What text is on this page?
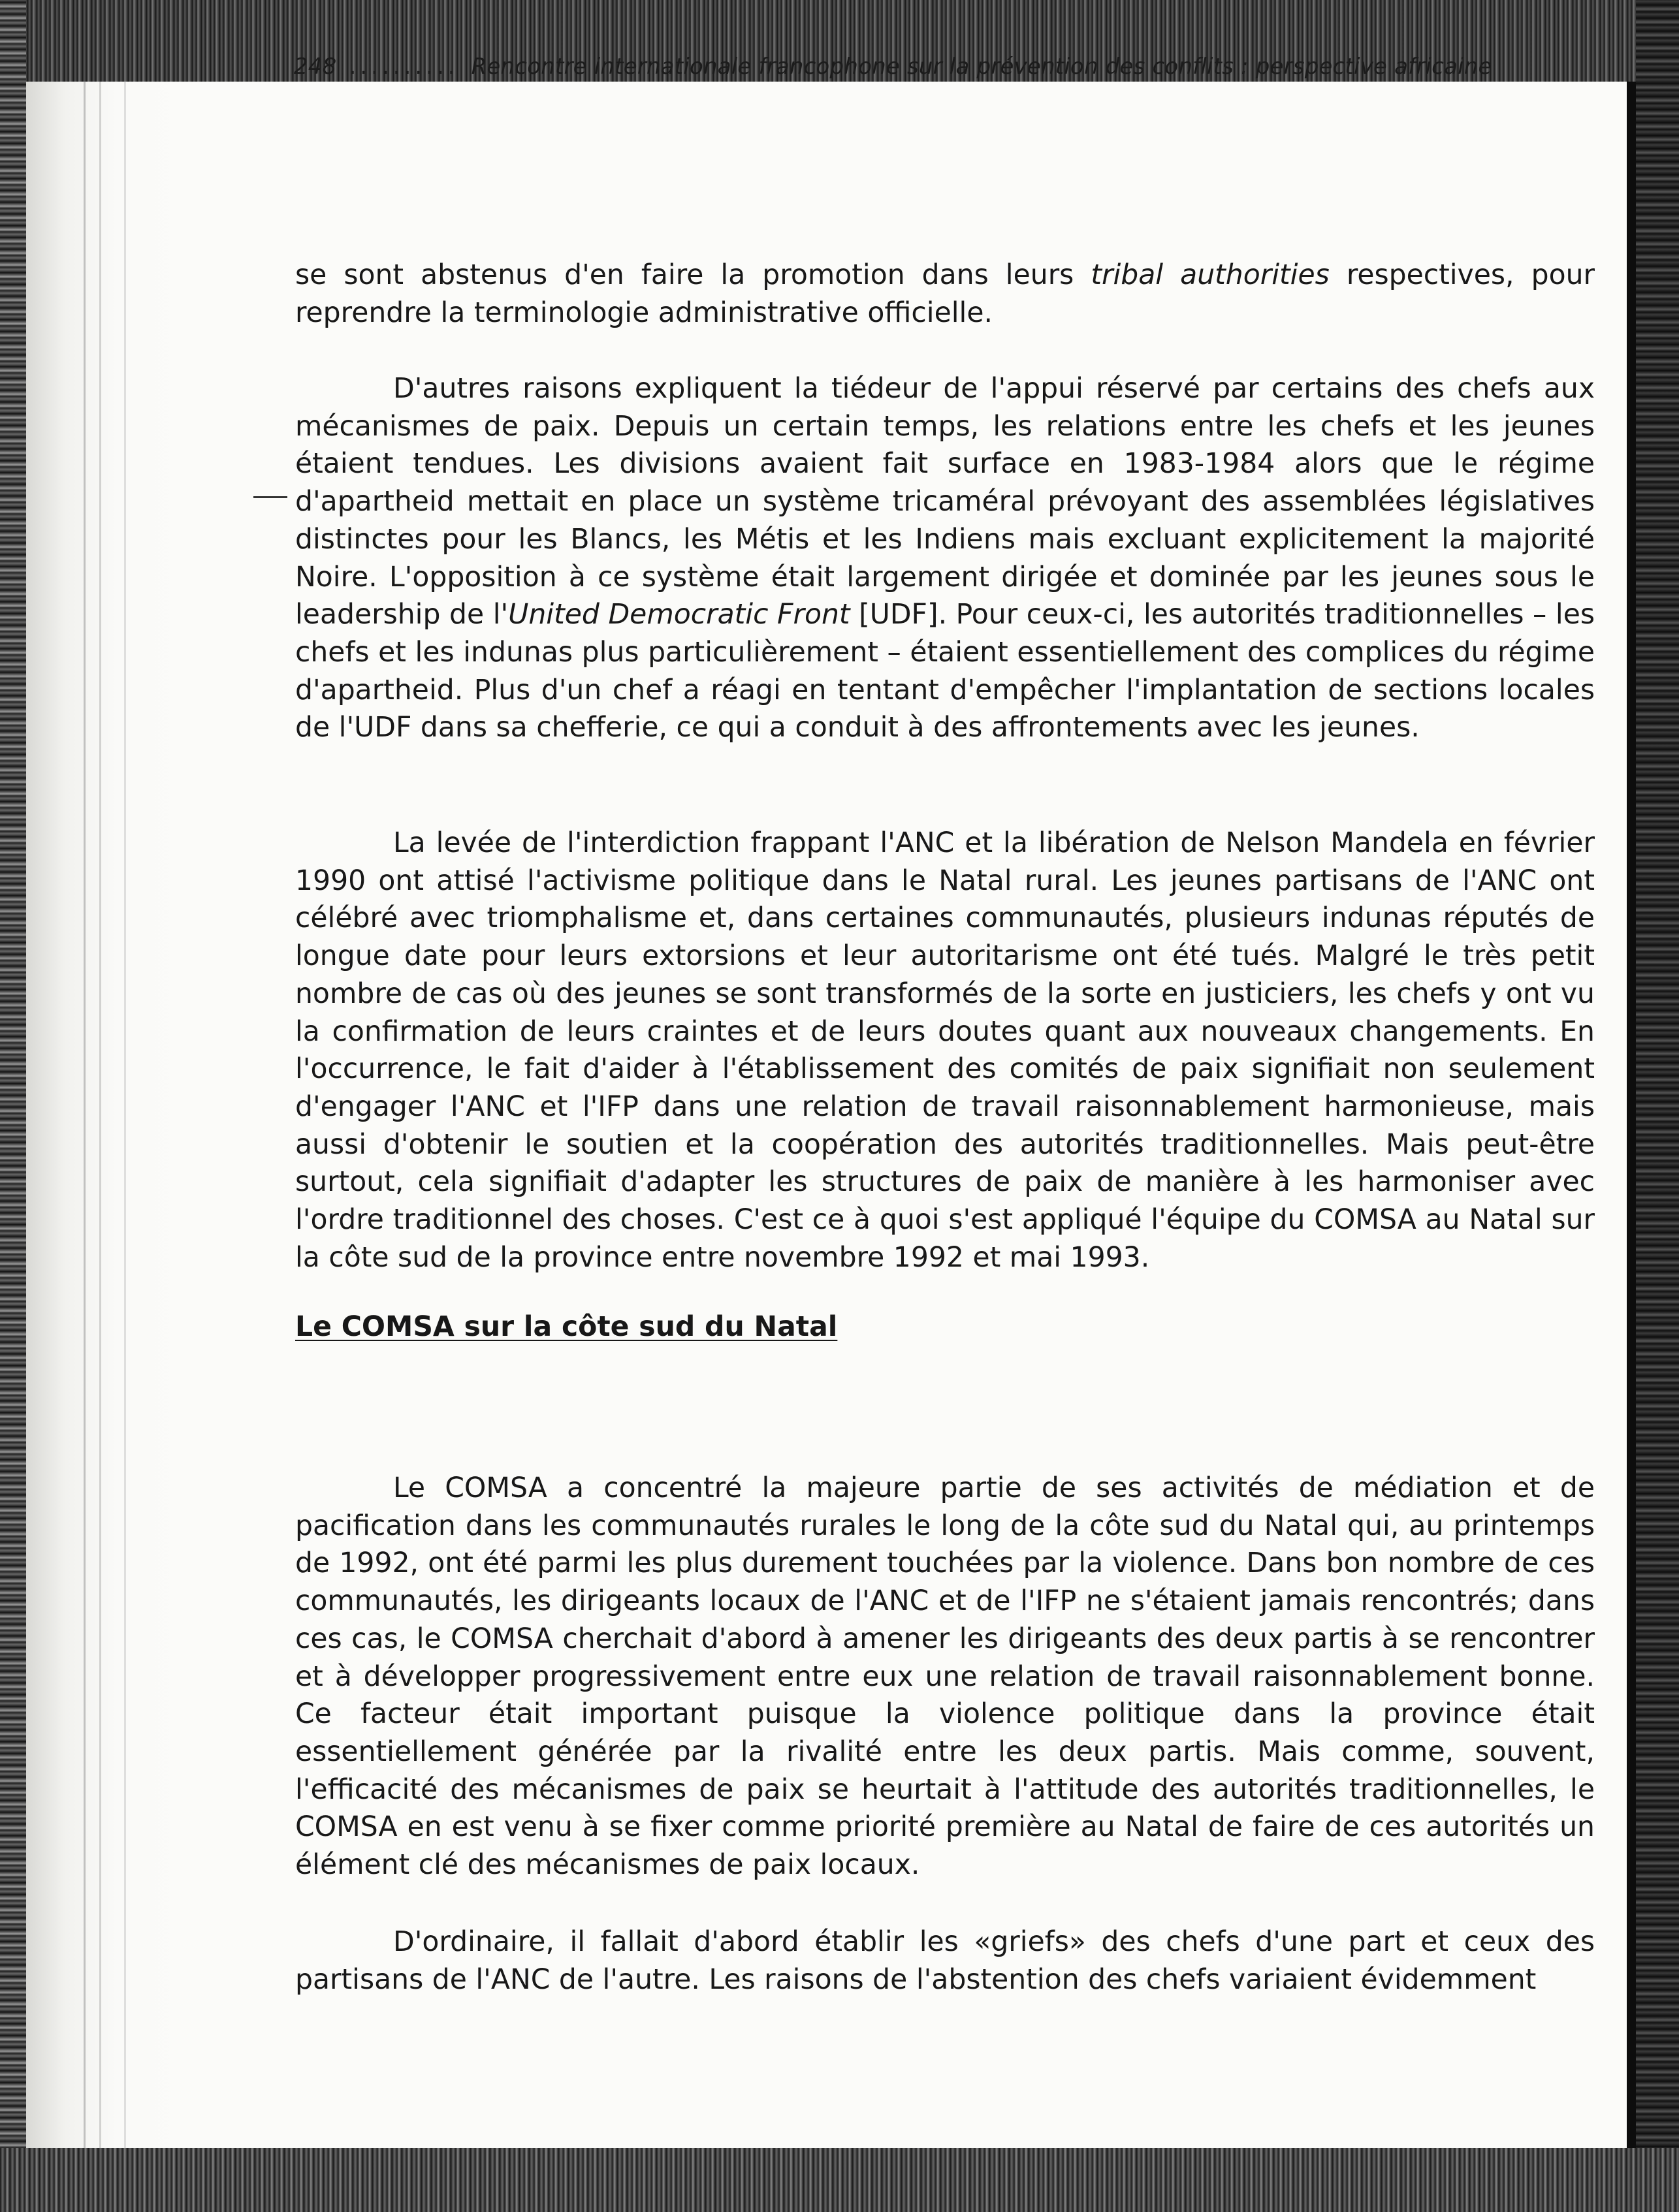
248 .......... Rencontre internationale francophone sur la prévention des conflits : perspective africaine

se sont abstenus d'en faire la promotion dans leurs tribal authorities respectives, pour reprendre la terminologie administrative officielle.

D'autres raisons expliquent la tiédeur de l'appui réservé par certains des chefs aux mécanismes de paix. Depuis un certain temps, les relations entre les chefs et les jeunes étaient tendues. Les divisions avaient fait surface en 1983-1984 alors que le régime d'apartheid mettait en place un système tricaméral prévoyant des assemblées législatives distinctes pour les Blancs, les Métis et les Indiens mais excluant explicitement la majorité Noire. L'opposition à ce système était largement dirigée et dominée par les jeunes sous le leadership de l'United Democratic Front [UDF]. Pour ceux-ci, les autorités traditionnelles – les chefs et les indunas plus particulièrement – étaient essentiellement des complices du régime d'apartheid. Plus d'un chef a réagi en tentant d'empêcher l'implantation de sections locales de l'UDF dans sa chefferie, ce qui a conduit à des affrontements avec les jeunes.

La levée de l'interdiction frappant l'ANC et la libération de Nelson Mandela en février 1990 ont attisé l'activisme politique dans le Natal rural. Les jeunes partisans de l'ANC ont célébré avec triomphalisme et, dans certaines communautés, plusieurs indunas réputés de longue date pour leurs extorsions et leur autoritarisme ont été tués. Malgré le très petit nombre de cas où des jeunes se sont transformés de la sorte en justiciers, les chefs y ont vu la confirmation de leurs craintes et de leurs doutes quant aux nouveaux changements. En l'occurrence, le fait d'aider à l'établissement des comités de paix signifiait non seulement d'engager l'ANC et l'IFP dans une relation de travail raisonnablement harmonieuse, mais aussi d'obtenir le soutien et la coopération des autorités traditionnelles. Mais peut-être surtout, cela signifiait d'adapter les structures de paix de manière à les harmoniser avec l'ordre traditionnel des choses. C'est ce à quoi s'est appliqué l'équipe du COMSA au Natal sur la côte sud de la province entre novembre 1992 et mai 1993.

Le COMSA sur la côte sud du Natal

Le COMSA a concentré la majeure partie de ses activités de médiation et de pacification dans les communautés rurales le long de la côte sud du Natal qui, au printemps de 1992, ont été parmi les plus durement touchées par la violence. Dans bon nombre de ces communautés, les dirigeants locaux de l'ANC et de l'IFP ne s'étaient jamais rencontrés; dans ces cas, le COMSA cherchait d'abord à amener les dirigeants des deux partis à se rencontrer et à développer progressivement entre eux une relation de travail raisonnablement bonne. Ce facteur était important puisque la violence politique dans la province était essentiellement générée par la rivalité entre les deux partis. Mais comme, souvent, l'efficacité des mécanismes de paix se heurtait à l'attitude des autorités traditionnelles, le COMSA en est venu à se fixer comme priorité première au Natal de faire de ces autorités un élément clé des mécanismes de paix locaux.

D'ordinaire, il fallait d'abord établir les «griefs» des chefs d'une part et ceux des partisans de l'ANC de l'autre. Les raisons de l'abstention des chefs variaient évidemment
